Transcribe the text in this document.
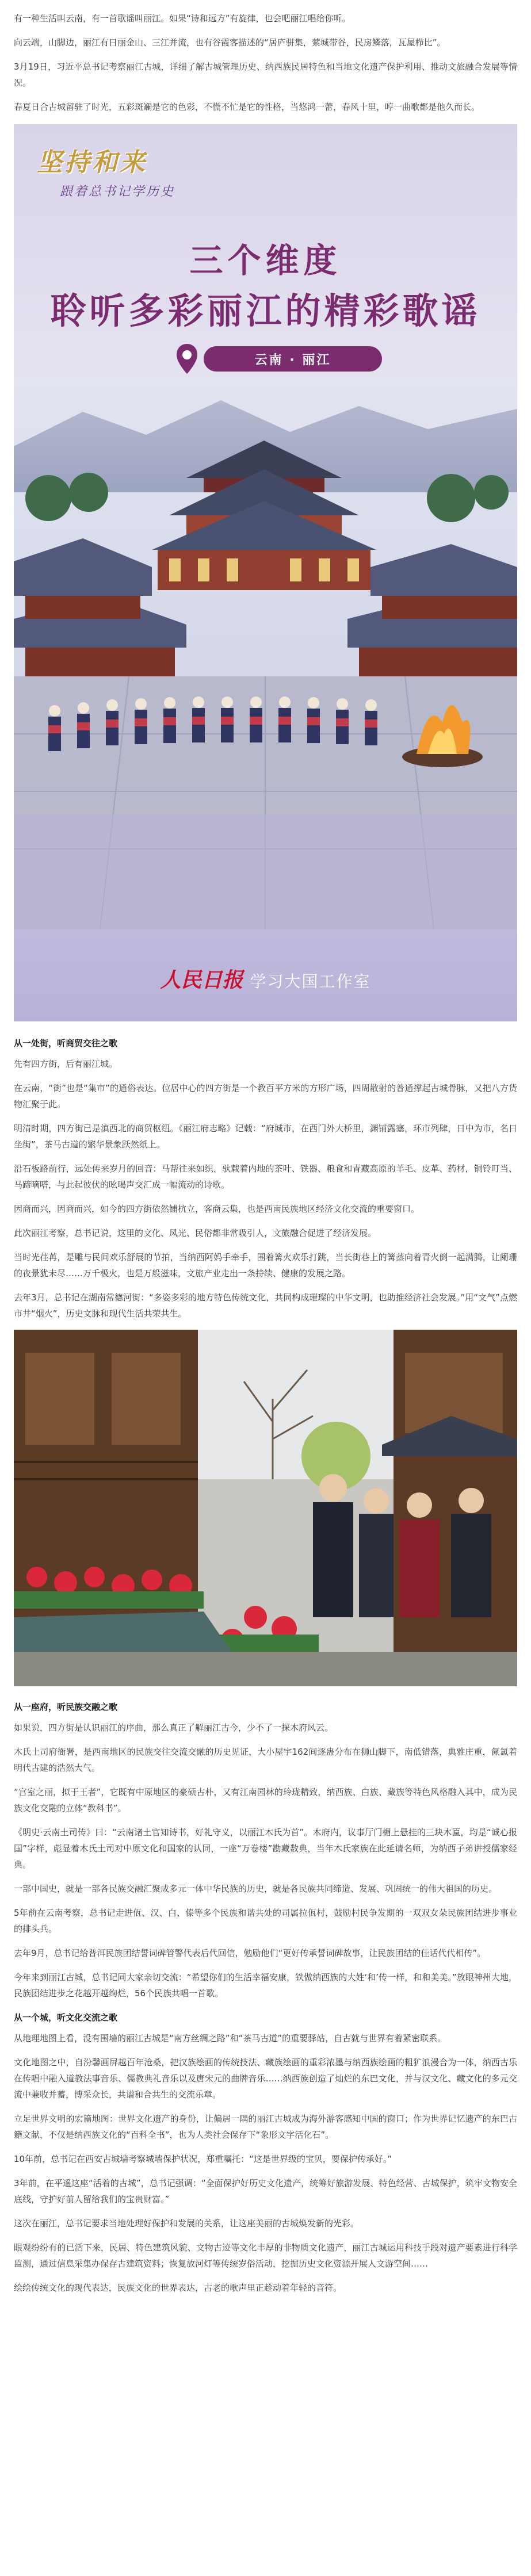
有一种生活叫云南，有一首歌谣叫丽江。如果“诗和远方”有旋律，也会吧丽江唱给你听。

向云端，山脚边，丽江有日丽金山、三江并流，也有谷霞客描述的“居庐骈集，萦城带谷，民房鳞落，瓦屋栉比”。

3月19日，习近平总书记考察丽江古城，详细了解古城管理历史、纳西族民居特色和当地文化遗产保护利用、推动文旅融合发展等情况。

春夏日合古城留驻了时光，五彩斑斓是它的色彩，不慌不忙是它的性格，当悠鸿一蕾，春风十里，哼一曲歌都是他久而长。

坚持和来
跟着总书记学历史
三个维度
聆听多彩丽江的精彩歌谣
云南 · 丽江
人民日报 学习大国工作室
从一处街，听商贸交往之歌

先有四方街，后有丽江城。

在云南，“街”也是“集市”的通俗表达。位居中心的四方街是一个教百平方米的方形广场，四周散射的普通撑起古城骨脉，又把八方货物汇聚于此。

明清时期，四方街已是滇西北的商贸枢纽。《丽江府志略》记载：“府城市，在西门外大桥里，渊铺露塞，环市列肆，日中为市，名日坐街”，茶马古道的繁华景象跃然纸上。

沿石板路前行，远处传来岁月的回音：马帮往来如织，驮载着内地的茶叶、铁器、粮食和青藏高原的羊毛、皮革、药材，铜铃叮当、马蹄嘀嗒，与此起彼伏的吆喝声交汇成一幅流动的诗歌。

因商而兴，因商而兴，如今的四方街依然铺杭立，客商云集，也是西南民族地区经济文化交流的重要窗口。

此次丽江考察，总书记说，这里的文化、风光、民俗都非常吸引人，文旅融合促进了经济发展。

当时光荏苒，是雕与民间欢乐舒展的节拍，当纳西阿妈手牵手，围着篝火欢乐打跳，当长街巷上的篝蒸向着青火倒一起满腾，让阑珊的夜景犹未尽……万千极火，也是万般滋味，文旅产业走出一条持续、健康的发展之路。

去年3月，总书记在湖南常德河街：“多姿多彩的地方特色传统文化，共同构成璀璨的中华文明，也助推经济社会发展。”用“文气”点燃市井“烟火”，历史文脉和现代生活共荣共生。

从一座府，听民族交融之歌

如果说，四方街是认识丽江的序曲，那么真正了解丽江古今，少不了一探木府风云。

木氏土司府衙署，是西南地区的民族交往交流交融的历史见证，大小屋宇162间逐蛊分布在狮山脚下，南低错落，典雅庄重，氤氲着明代古建的浩然大气。

“宫室之丽，拟于王者”，它既有中原地区的豪硕古朴，又有江南园林的玲珑精致，纳西族、白族、藏族等特色风格融入其中，成为民族文化交融的立体“教科书”。

《明史·云南土司传》曰：“云南诸土官知诗书，好礼守义，以丽江木氏为首”。木府内，议事厅门楣上悬挂的三块木匾，均是“诚心报国”字样，彪显着木氏土司对中原文化和国家的认同，一座“万卷楼”勘藏数典，当年木氏家族在此延请名师，为纳西子弟讲授儒家经典。

一部中国史，就是一部各民族交融汇聚成多元一体中华民族的历史，就是各民族共同缔造、发展、巩固统一的伟大祖国的历史。

5年前在云南考察，总书记走进佤、汉、白、傣等多个民族和谐共处的司属拉佤村，鼓励村民争发期的一双双女朵民族团结进步事业的排头兵。

去年9月，总书记给普洱民族团结誓词碑管警代表后代回信，勉励他们“更好传承誓词碑故事，让民族团结的佳话代代相传”。

今年来到丽江古城，总书记同大家亲切交流：“希望你们的生活幸福安康，铁做纳西族的大姓‘和’传一样，和和美美。”放眼神州大地，民族团结进步之花越开越绚烂，56个民族共唱一首歌。

从一个城，听文化交流之歌

从地理地图上看，没有围墙的丽江古城是“南方丝绸之路”和“茶马古道”的重要驿站，自古就与世界有着紧密联系。

文化地图之中，自汾馨画屏越百年沧桑，把汉族绘画的传统技法、藏族绘画的重彩浓墨与纳西族绘画的粗犷浪漫合为一体，纳西古乐在传唱中融入道教法事音乐、儒教典礼音乐以及唐宋元的曲牌音乐……纳西族创造了灿烂的东巴文化，并与汉文化、藏文化的多元交流中兼收并蓄，博采众长，共谱和合共生的交流乐章。

立足世界文明的宏篇地图：世界文化遗产的身份，让偏居一隅的丽江古城成为海外游客感知中国的窗口；作为世界记忆遗产的东巴古籍文献，不仅是纳西族文化的“百科全书”，也为人类社会保存下“象形文字活化石”。

10年前，总书记在西安古城墙考察城墙保护状况，郑重嘱托：“这是世界级的宝贝，要保护传承好。”

3年前，在平遥这座“活着的古城”，总书记强调：“全面保护好历史文化遗产，统筹好旅游发展、特色经营、古城保护，筑牢文物安全底线，守护好前人留给我们的宝贵财富。”

这次在丽江，总书记要求当地处理好保护和发展的关系，让这座美丽的古城焕发新的光彩。

眼观纷纷有的已活下来，民居、特色建筑风貌、文物古迹等文化丰厚的非物质文化遗产，丽江古城运用科技手段对遗产要素进行科学监测，通过信息采集办保存古建筑资料；恢复放河灯等传统岁俗活动，挖掘历史文化资源开展人文游空间……

绘绘传统文化的现代表达，民族文化的世界表达，古老的歌声里正趁动着年轻的音符。
